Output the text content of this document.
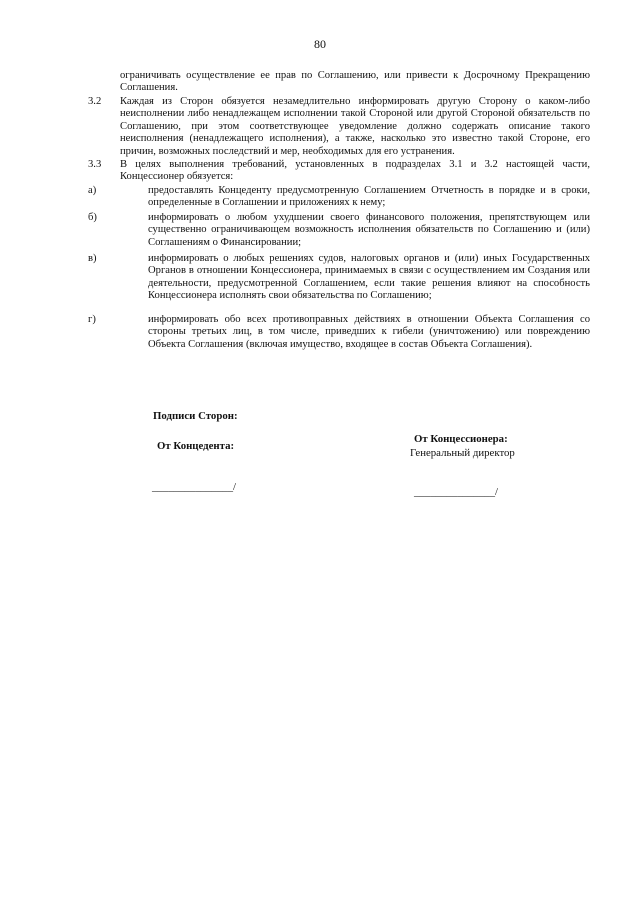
80
ограничивать осуществление ее прав по Соглашению, или привести к Досрочному Прекращению Соглашения.
3.2	Каждая из Сторон обязуется незамедлительно информировать другую Сторону о каком-либо неисполнении либо ненадлежащем исполнении такой Стороной или другой Стороной обязательств по Соглашению, при этом соответствующее уведомление должно содержать описание такого неисполнения (ненадлежащего исполнения), а также, насколько это известно такой Стороне, его причин, возможных последствий и мер, необходимых для его устранения.
3.3	В целях выполнения требований, установленных в подразделах 3.1 и 3.2 настоящей части, Концессионер обязуется:
а)	предоставлять Концеденту предусмотренную Соглашением Отчетность в порядке и в сроки, определенные в Соглашении и приложениях к нему;
б)	информировать о любом ухудшении своего финансового положения, препятствующем или существенно ограничивающем возможность исполнения обязательств по Соглашению и (или) Соглашениям о Финансировании;
в)	информировать о любых решениях судов, налоговых органов и (или) иных Государственных Органов в отношении Концессионера, принимаемых в связи с осуществлением им Создания или деятельности, предусмотренной Соглашением, если такие решения влияют на способность Концессионера исполнять свои обязательства по Соглашению;
г)	информировать обо всех противоправных действиях в отношении Объекта Соглашения со стороны третьих лиц, в том числе, приведших к гибели (уничтожению) или повреждению Объекта Соглашения (включая имущество, входящее в состав Объекта Соглашения).
Подписи Сторон:
От Концедента:
От Концессионера:
Генеральный директор
_______________/	_______________/
